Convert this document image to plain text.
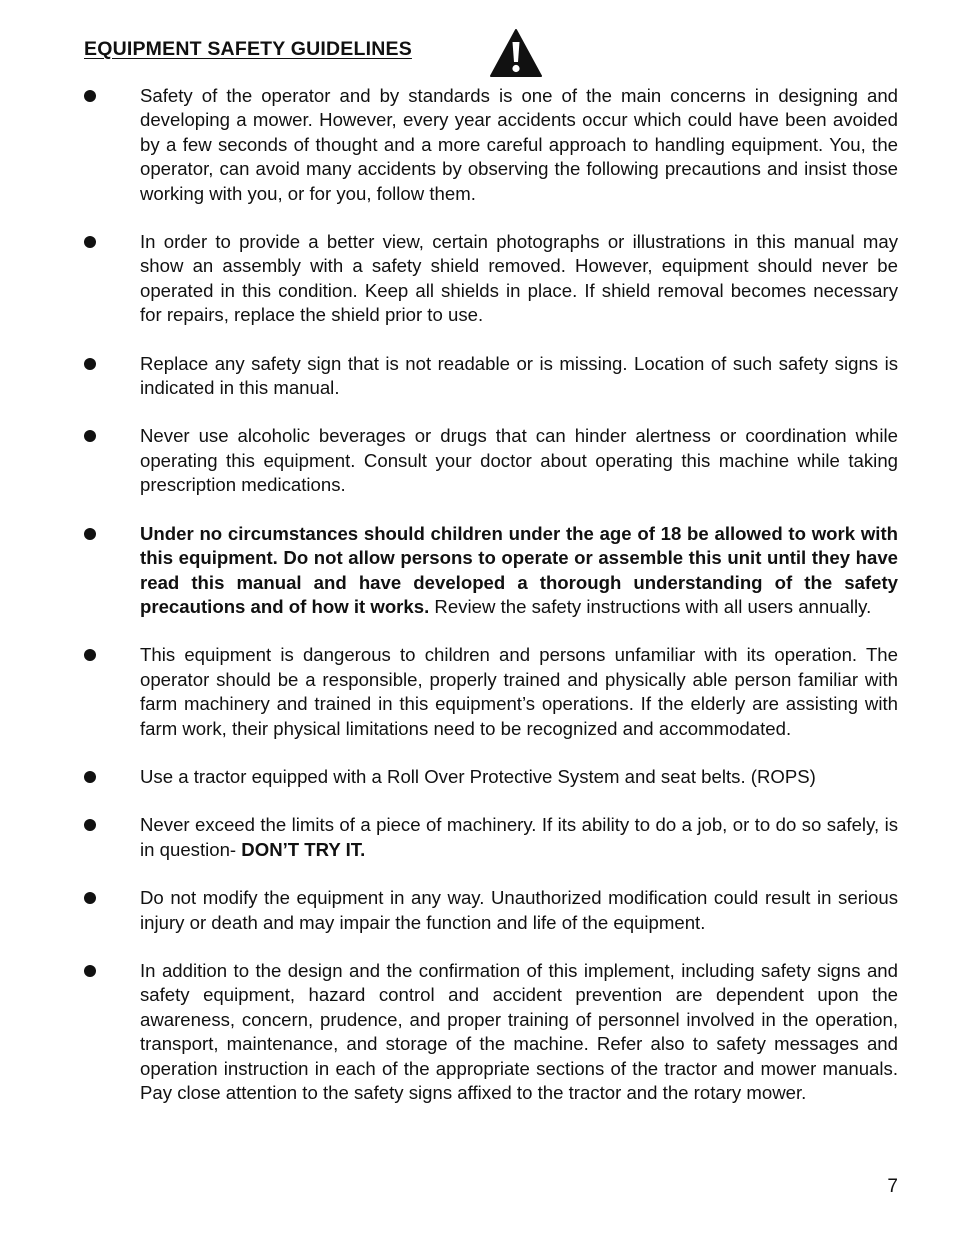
EQUIPMENT SAFETY GUIDELINES
Safety of the operator and by standards is one of the main concerns in designing and developing a mower. However, every year accidents occur which could have been avoided by a few seconds of thought and a more careful approach to handling equipment. You, the operator, can avoid many accidents by observing the following precautions and insist those working with you, or for you, follow them.
In order to provide a better view, certain photographs or illustrations in this manual may show an assembly with a safety shield removed. However, equipment should never be operated in this condition. Keep all shields in place. If shield removal becomes necessary for repairs, replace the shield prior to use.
Replace any safety sign that is not readable or is missing. Location of such safety signs is indicated in this manual.
Never use alcoholic beverages or drugs that can hinder alertness or coordination while operating this equipment. Consult your doctor about operating this machine while taking prescription medications.
Under no circumstances should children under the age of 18 be allowed to work with this equipment. Do not allow persons to operate or assemble this unit until they have read this manual and have developed a thorough understanding of the safety precautions and of how it works. Review the safety instructions with all users annually.
This equipment is dangerous to children and persons unfamiliar with its operation. The operator should be a responsible, properly trained and physically able person familiar with farm machinery and trained in this equipment’s operations. If the elderly are assisting with farm work, their physical limitations need to be recognized and accommodated.
Use a tractor equipped with a Roll Over Protective System and seat belts. (ROPS)
Never exceed the limits of a piece of machinery. If its ability to do a job, or to do so safely, is in question- DON’T TRY IT.
Do not modify the equipment in any way. Unauthorized modification could result in serious injury or death and may impair the function and life of the equipment.
In addition to the design and the confirmation of this implement, including safety signs and safety equipment, hazard control and accident prevention are dependent upon the awareness, concern, prudence, and proper training of personnel involved in the operation, transport, maintenance, and storage of the machine. Refer also to safety messages and operation instruction in each of the appropriate sections of the tractor and mower manuals. Pay close attention to the safety signs affixed to the tractor and the rotary mower.
7
